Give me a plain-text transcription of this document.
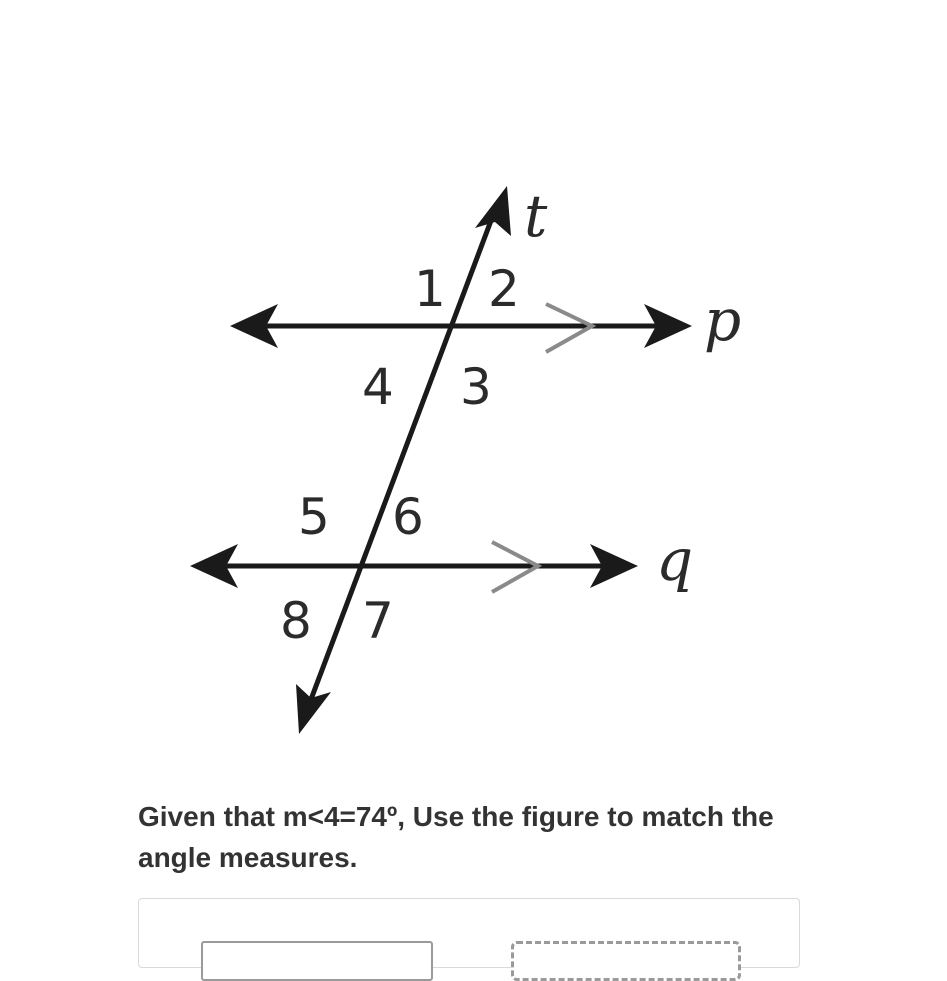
t
p
q
1 2
4 3
5 6
8 7

Given that m<4=74º, Use the figure to match the angle measures.
